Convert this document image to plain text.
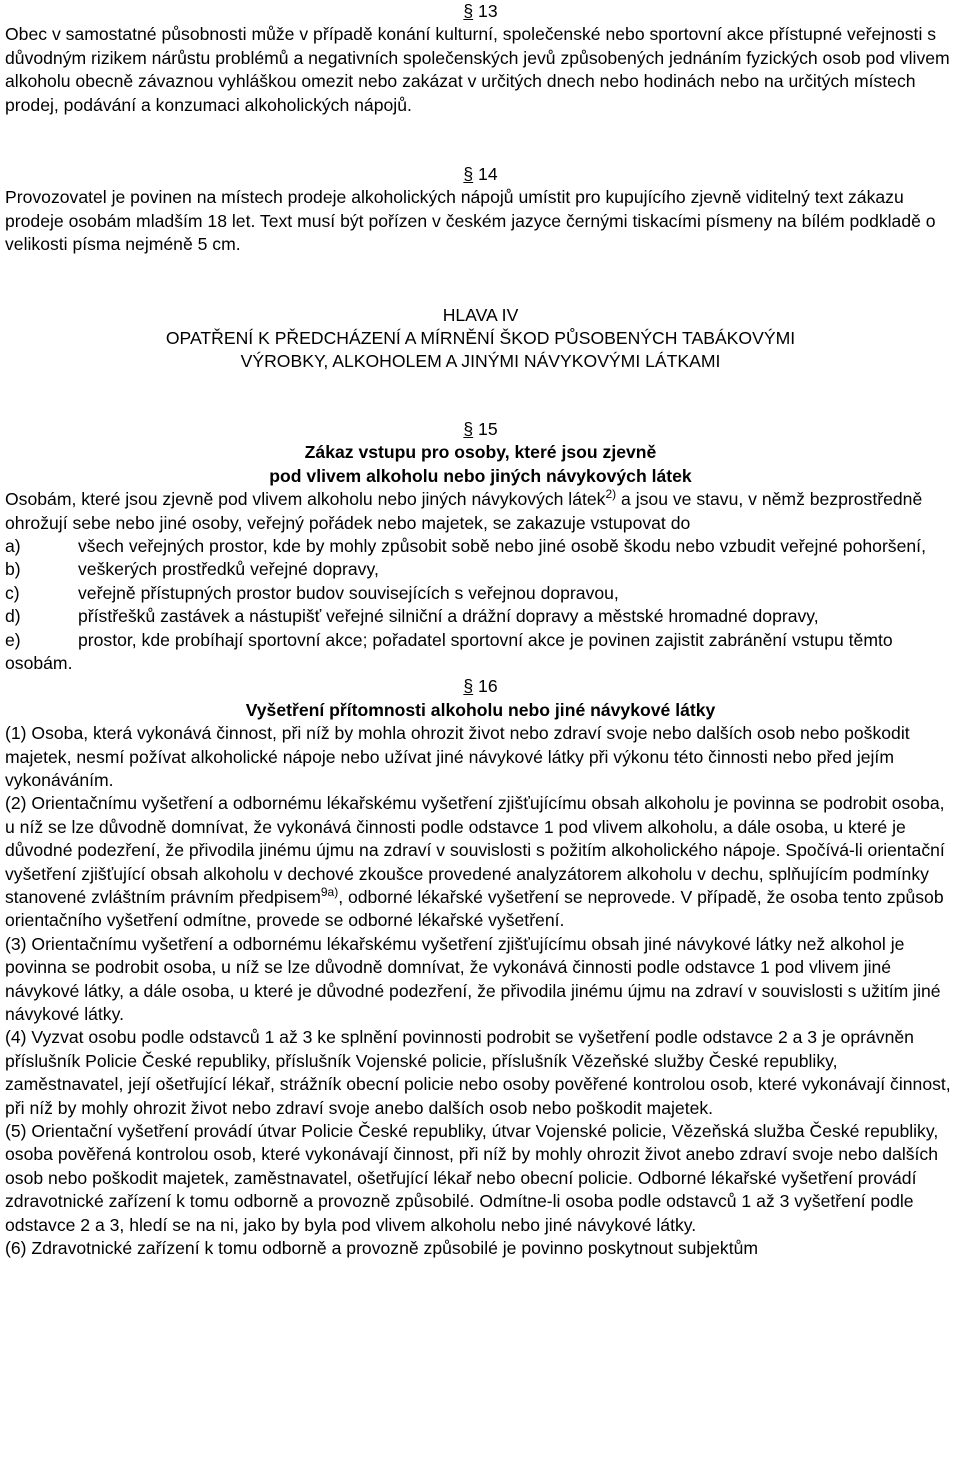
§ 13

Obec v samostatné působnosti může v případě konání kulturní, společenské nebo sportovní akce přístupné veřejnosti s důvodným rizikem nárůstu problémů a negativních společenských jevů způsobených jednáním fyzických osob pod vlivem alkoholu obecně závaznou vyhláškou omezit nebo zakázat v určitých dnech nebo hodinách nebo na určitých místech prodej, podávání a konzumaci alkoholických nápojů.

§ 14

Provozovatel je povinen na místech prodeje alkoholických nápojů umístit pro kupujícího zjevně viditelný text zákazu prodeje osobám mladším 18 let. Text musí být pořízen v českém jazyce černými tiskacími písmeny na bílém podkladě o velikosti písma nejméně 5 cm.

HLAVA IV

OPATŘENÍ K PŘEDCHÁZENÍ A MÍRNĚNÍ ŠKOD PŮSOBENÝCH TABÁKOVÝMI

VÝROBKY, ALKOHOLEM A JINÝMI NÁVYKOVÝMI LÁTKAMI

§ 15

Zákaz vstupu pro osoby, které jsou zjevně

pod vlivem alkoholu nebo jiných návykových látek

Osobám, které jsou zjevně pod vlivem alkoholu nebo jiných návykových látek$^{2)}$ a jsou ve stavu, v němž bezprostředně ohrožují sebe nebo jiné osoby, veřejný pořádek nebo majetek, se zakazuje vstupovat do

a)	všech veřejných prostor, kde by mohly způsobit sobě nebo jiné osobě škodu nebo vzbudit veřejné pohoršení,

b)	veškerých prostředků veřejné dopravy,

c)	veřejně přístupných prostor budov souvisejících s veřejnou dopravou,

d)	přístřešků zastávek a nástupišť veřejné silniční a drážní dopravy a městské hromadné dopravy,

e)	prostor, kde probíhají sportovní akce; pořadatel sportovní akce je povinen zajistit zabránění vstupu těmto osobám.

§ 16

Vyšetření přítomnosti alkoholu nebo jiné návykové látky

(1) Osoba, která vykonává činnost, při níž by mohla ohrozit život nebo zdraví svoje nebo dalších osob nebo poškodit majetek, nesmí požívat alkoholické nápoje nebo užívat jiné návykové látky při výkonu této činnosti nebo před jejím vykonáváním.

(2) Orientačnímu vyšetření a odbornému lékařskému vyšetření zjišťujícímu obsah alkoholu je povinna se podrobit osoba, u níž se lze důvodně domnívat, že vykonává činnosti podle odstavce 1 pod vlivem alkoholu, a dále osoba, u které je důvodné podezření, že přivodila jinému újmu na zdraví v souvislosti s požitím alkoholického nápoje. Spočívá-li orientační vyšetření zjišťující obsah alkoholu v dechové zkoušce provedené analyzátorem alkoholu v dechu, splňujícím podmínky stanovené zvláštním právním předpisem$^{9a)}$, odborné lékařské vyšetření se neprovede. V případě, že osoba tento způsob orientačního vyšetření odmítne, provede se odborné lékařské vyšetření.

(3) Orientačnímu vyšetření a odbornému lékařskému vyšetření zjišťujícímu obsah jiné návykové látky než alkohol je povinna se podrobit osoba, u níž se lze důvodně domnívat, že vykonává činnosti podle odstavce 1 pod vlivem jiné návykové látky, a dále osoba, u které je důvodné podezření, že přivodila jinému újmu na zdraví v souvislosti s užitím jiné návykové látky.

(4) Vyzvat osobu podle odstavců 1 až 3 ke splnění povinnosti podrobit se vyšetření podle odstavce 2 a 3 je oprávněn příslušník Policie České republiky, příslušník Vojenské policie, příslušník Vězeňské služby České republiky, zaměstnavatel, její ošetřující lékař, strážník obecní policie nebo osoby pověřené kontrolou osob, které vykonávají činnost, při níž by mohly ohrozit život nebo zdraví svoje anebo dalších osob nebo poškodit majetek.

(5) Orientační vyšetření provádí útvar Policie České republiky, útvar Vojenské policie, Vězeňská služba České republiky, osoba pověřená kontrolou osob, které vykonávají činnost, při níž by mohly ohrozit život anebo zdraví svoje nebo dalších osob nebo poškodit majetek, zaměstnavatel, ošetřující lékař nebo obecní policie. Odborné lékařské vyšetření provádí zdravotnické zařízení k tomu odborně a provozně způsobilé. Odmítne-li osoba podle odstavců 1 až 3 vyšetření podle odstavce 2 a 3, hledí se na ni, jako by byla pod vlivem alkoholu nebo jiné návykové látky.

(6) Zdravotnické zařízení k tomu odborně a provozně způsobilé je povinno poskytnout subjektům
